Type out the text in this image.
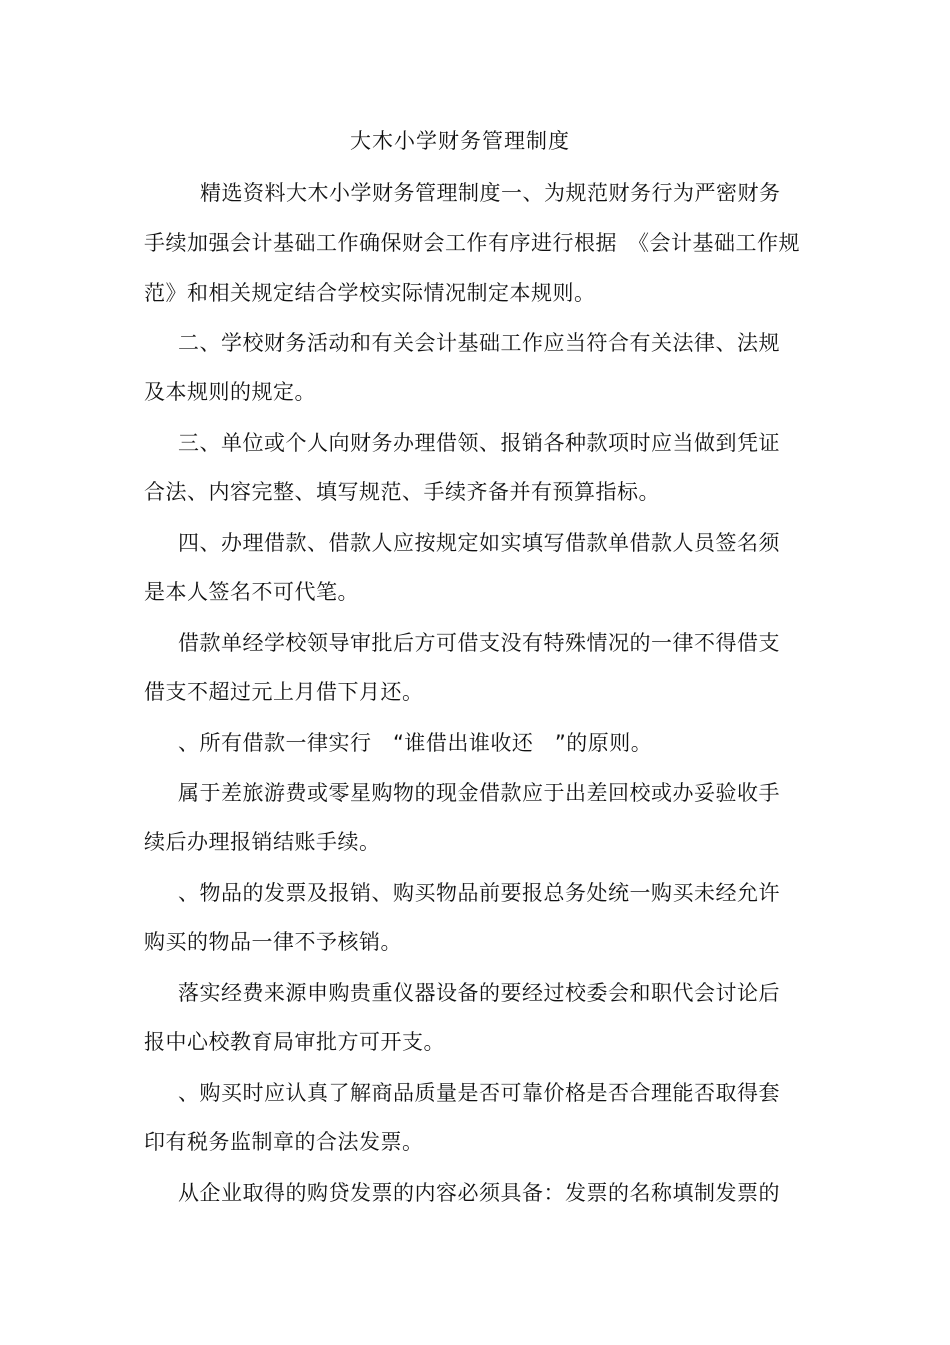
大木小学财务管理制度
精选资料大木小学财务管理制度一、为规范财务行为严密财务
手续加强会计基础工作确保财会工作有序进行根据　《会计基础工作规
范》和相关规定结合学校实际情况制定本规则。
二、学校财务活动和有关会计基础工作应当符合有关法律、法规
及本规则的规定。
三、单位或个人向财务办理借领、报销各种款项时应当做到凭证
合法、内容完整、填写规范、手续齐备并有预算指标。
四、办理借款、借款人应按规定如实填写借款单借款人员签名须
是本人签名不可代笔。
借款单经学校领导审批后方可借支没有特殊情况的一律不得借支
借支不超过元上月借下月还。
、所有借款一律实行　“谁借出谁收还　”的原则。
属于差旅游费或零星购物的现金借款应于出差回校或办妥验收手
续后办理报销结账手续。
、物品的发票及报销、购买物品前要报总务处统一购买未经允许
购买的物品一律不予核销。
落实经费来源申购贵重仪器设备的要经过校委会和职代会讨论后
报中心校教育局审批方可开支。
、购买时应认真了解商品质量是否可靠价格是否合理能否取得套
印有税务监制章的合法发票。
从企业取得的购贷发票的内容必须具备：发票的名称填制发票的
